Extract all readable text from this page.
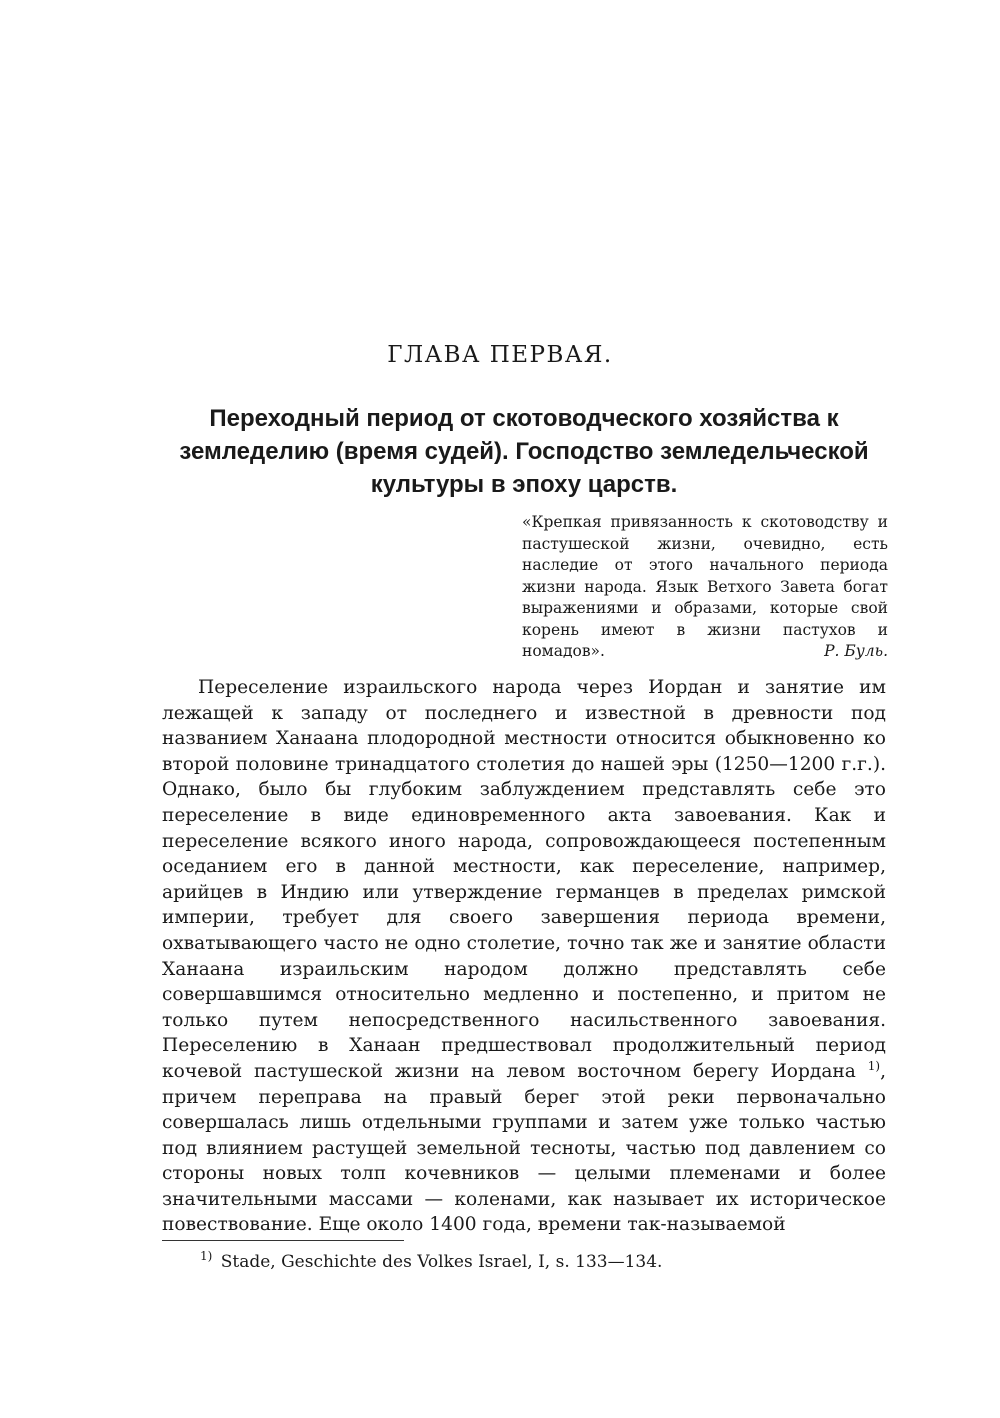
ГЛАВА ПЕРВАЯ.
Переходный период от скотоводческого хозяйства к земледелию (время судей). Господство земледельческой культуры в эпоху царств.
«Крепкая привязанность к скотоводству и пастушеской жизни, очевидно, есть наследие от этого начального периода жизни народа. Язык Ветхого Завета богат выражениями и образами, которые свой корень имеют в жизни пастухов и номадов».	Р. Буль.

Переселение израильского народа через Иордан и занятие им лежащей к западу от последнего и известной в древности под названием Ханаана плодородной местности относится обыкновенно ко второй половине тринадцатого столетия до нашей эры (1250—1200 г.г.). Однако, было бы глубоким заблуждением представлять себе это переселение в виде единовременного акта завоевания. Как и переселение всякого иного народа, сопровождающееся постепенным оседанием его в данной местности, как переселение, например, арийцев в Индию или утверждение германцев в пределах римской империи, требует для своего завершения периода времени, охватывающего часто не одно столетие, точно так же и занятие области Ханаана израильским народом должно представлять себе совершавшимся относительно медленно и постепенно, и притом не только путем непосредственного насильственного завоевания. Переселению в Ханаан предшествовал продолжительный период кочевой пастушеской жизни на левом восточном берегу Иордана $^{1)}$, причем переправа на правый берег этой реки первоначально совершалась лишь отдельными группами и затем уже только частью под влиянием растущей земельной тесноты, частью под давлением со стороны новых толп кочевников — целыми племенами и более значительными массами — коленами, как называет их историческое повествование. Еще около 1400 года, времени так-называемой

$^{1)}$ Stade, Geschichte des Volkes Israel, I, s. 133—134.
